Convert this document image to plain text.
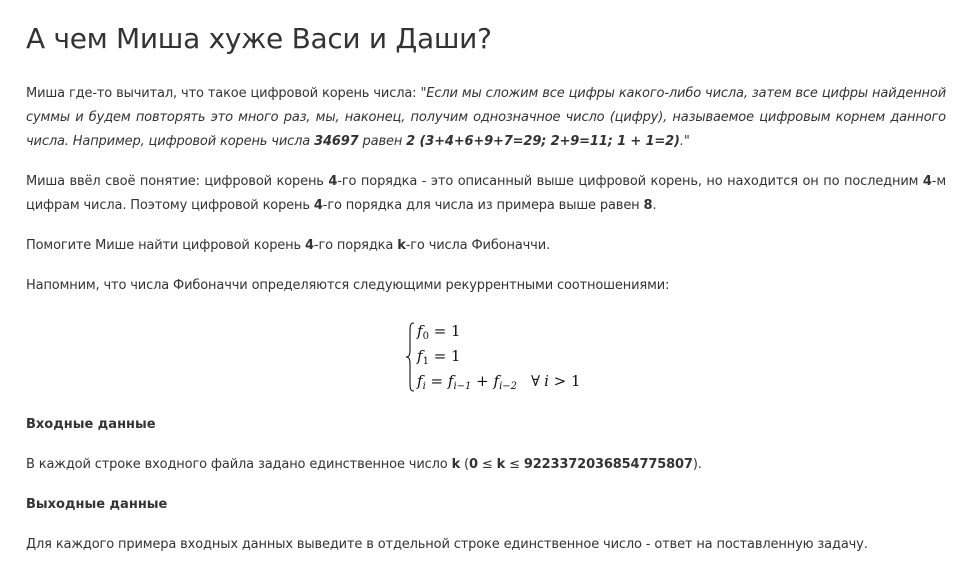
А чем Миша хуже Васи и Даши?
Миша где-то вычитал, что такое цифровой корень числа: "Если мы сложим все цифры какого-либо числа, затем все цифры найденной
суммы и будем повторять это много раз, мы, наконец, получим однозначное число (цифру), называемое цифровым корнем данного
числа. Например, цифровой корень числа 34697 равен 2 (3+4+6+9+7=29; 2+9=11; 1 + 1=2)."
Миша ввёл своё понятие: цифровой корень 4-го порядка - это описанный выше цифровой корень, но находится он по последним 4-м
цифрам числа. Поэтому цифровой корень 4-го порядка для числа из примера выше равен 8.
Помогите Мише найти цифровой корень 4-го порядка k-го числа Фибоначчи.
Напомним, что числа Фибоначчи определяются следующими рекуррентными соотношениями:
Входные данные
В каждой строке входного файла задано единственное число k (0 ≤ k ≤ 9223372036854775807).
Выходные данные
Для каждого примера входных данных выведите в отдельной строке единственное число - ответ на поставленную задачу.
$f_0 = 1$
$f_1 = 1$
$f_i = f_{i-1} + f_{i-2}$ ∀ i > 1
